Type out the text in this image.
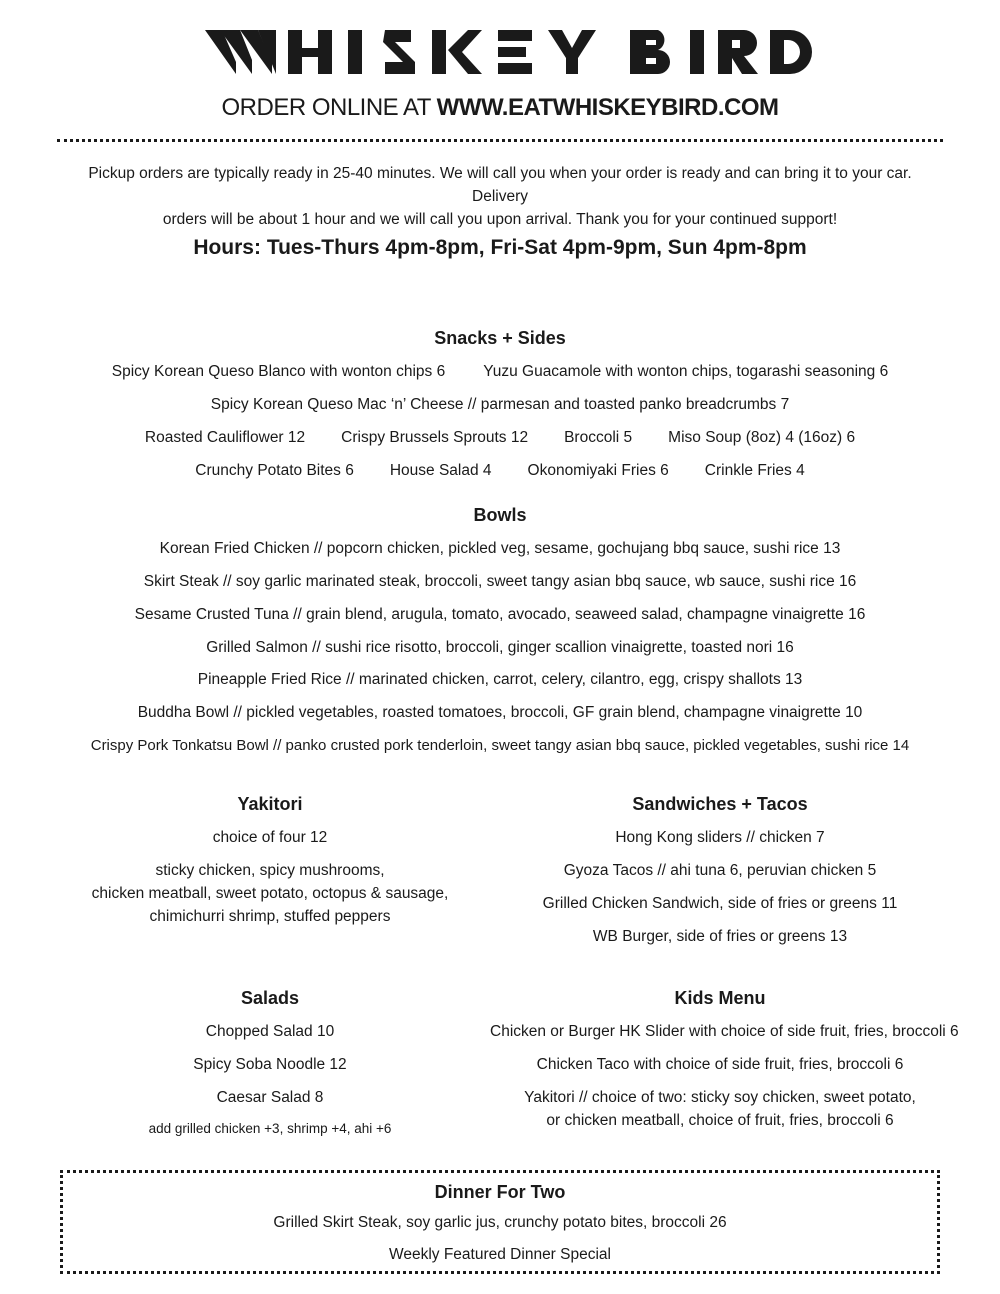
ORDER ONLINE AT WWW.EATWHISKEYBIRD.COM
Pickup orders are typically ready in 25-40 minutes. We will call you when your order is ready and can bring it to your car. Delivery
orders will be about 1 hour and we will call you upon arrival. Thank you for your continued support!
Hours: Tues-Thurs 4pm-8pm, Fri-Sat 4pm-9pm, Sun 4pm-8pm
Snacks + Sides
Spicy Korean Queso Blanco with wonton chips 6 Yuzu Guacamole with wonton chips, togarashi seasoning 6
Spicy Korean Queso Mac ‘n’ Cheese // parmesan and toasted panko breadcrumbs 7
Roasted Cauliflower 12 Crispy Brussels Sprouts 12 Broccoli 5 Miso Soup (8oz) 4 (16oz) 6
Crunchy Potato Bites 6 House Salad 4 Okonomiyaki Fries 6 Crinkle Fries 4
Bowls
Korean Fried Chicken // popcorn chicken, pickled veg, sesame, gochujang bbq sauce, sushi rice 13
Skirt Steak // soy garlic marinated steak, broccoli, sweet tangy asian bbq sauce, wb sauce, sushi rice 16
Sesame Crusted Tuna // grain blend, arugula, tomato, avocado, seaweed salad, champagne vinaigrette 16
Grilled Salmon // sushi rice risotto, broccoli, ginger scallion vinaigrette, toasted nori 16
Pineapple Fried Rice // marinated chicken, carrot, celery, cilantro, egg, crispy shallots 13
Buddha Bowl // pickled vegetables, roasted tomatoes, broccoli, GF grain blend, champagne vinaigrette 10
Crispy Pork Tonkatsu Bowl // panko crusted pork tenderloin, sweet tangy asian bbq sauce, pickled vegetables, sushi rice 14
Yakitori
choice of four 12
sticky chicken, spicy mushrooms,
chicken meatball, sweet potato, octopus & sausage,
chimichurri shrimp, stuffed peppers
Sandwiches + Tacos
Hong Kong sliders // chicken 7
Gyoza Tacos // ahi tuna 6, peruvian chicken 5
Grilled Chicken Sandwich, side of fries or greens 11
WB Burger, side of fries or greens 13
Salads
Chopped Salad 10
Spicy Soba Noodle 12
Caesar Salad 8
add grilled chicken +3, shrimp +4, ahi +6
Kids Menu
Chicken or Burger HK Slider with choice of side fruit, fries, broccoli 6
Chicken Taco with choice of side fruit, fries, broccoli 6
Yakitori // choice of two: sticky soy chicken, sweet potato,
or chicken meatball, choice of fruit, fries, broccoli 6
Dinner For Two
Grilled Skirt Steak, soy garlic jus, crunchy potato bites, broccoli 26
Weekly Featured Dinner Special
